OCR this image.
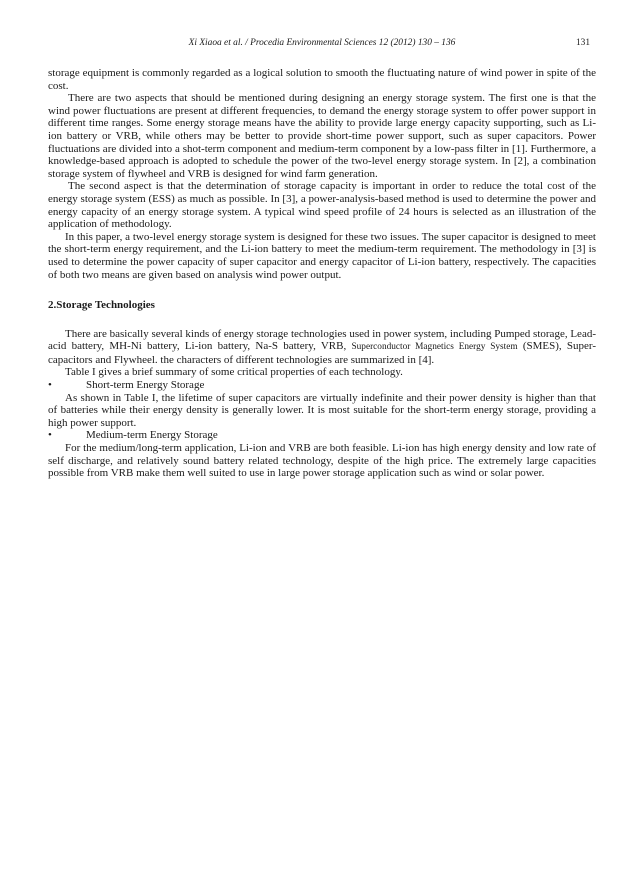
Xi Xiaoa et al. / Procedia Environmental Sciences 12 (2012) 130 – 136	131

storage equipment is commonly regarded as a logical solution to smooth the fluctuating nature of wind power in spite of the cost.

There are two aspects that should be mentioned during designing an energy storage system. The first one is that the wind power fluctuations are present at different frequencies, to demand the energy storage system to offer power support in different time ranges. Some energy storage means have the ability to provide large energy capacity supporting, such as Li-ion battery or VRB, while others may be better to provide short-time power support, such as super capacitors. Power fluctuations are divided into a shot-term component and medium-term component by a low-pass filter in [1]. Furthermore, a knowledge-based approach is adopted to schedule the power of the two-level energy storage system. In [2], a combination storage system of flywheel and VRB is designed for wind farm generation.

The second aspect is that the determination of storage capacity is important in order to reduce the total cost of the energy storage system (ESS) as much as possible. In [3], a power-analysis-based method is used to determine the power and energy capacity of an energy storage system. A typical wind speed profile of 24 hours is selected as an illustration of the application of methodology.

In this paper, a two-level energy storage system is designed for these two issues. The super capacitor is designed to meet the short-term energy requirement, and the Li-ion battery to meet the medium-term requirement. The methodology in [3] is used to determine the power capacity of super capacitor and energy capacitor of Li-ion battery, respectively. The capacities of both two means are given based on analysis wind power output.

2.Storage Technologies

There are basically several kinds of energy storage technologies used in power system, including Pumped storage, Lead-acid battery, MH-Ni battery, Li-ion battery, Na-S battery, VRB, Superconductor Magnetics Energy System (SMES), Super-capacitors and Flywheel. the characters of different technologies are summarized in [4].

Table I gives a brief summary of some critical properties of each technology.

•	Short-term Energy Storage

As shown in Table I, the lifetime of super capacitors are virtually indefinite and their power density is higher than that of batteries while their energy density is generally lower. It is most suitable for the short-term energy storage, providing a high power support.

•	Medium-term Energy Storage

For the medium/long-term application, Li-ion and VRB are both feasible. Li-ion has high energy density and low rate of self discharge, and relatively sound battery related technology, despite of the high price. The extremely large capacities possible from VRB make them well suited to use in large power storage application such as wind or solar power.
